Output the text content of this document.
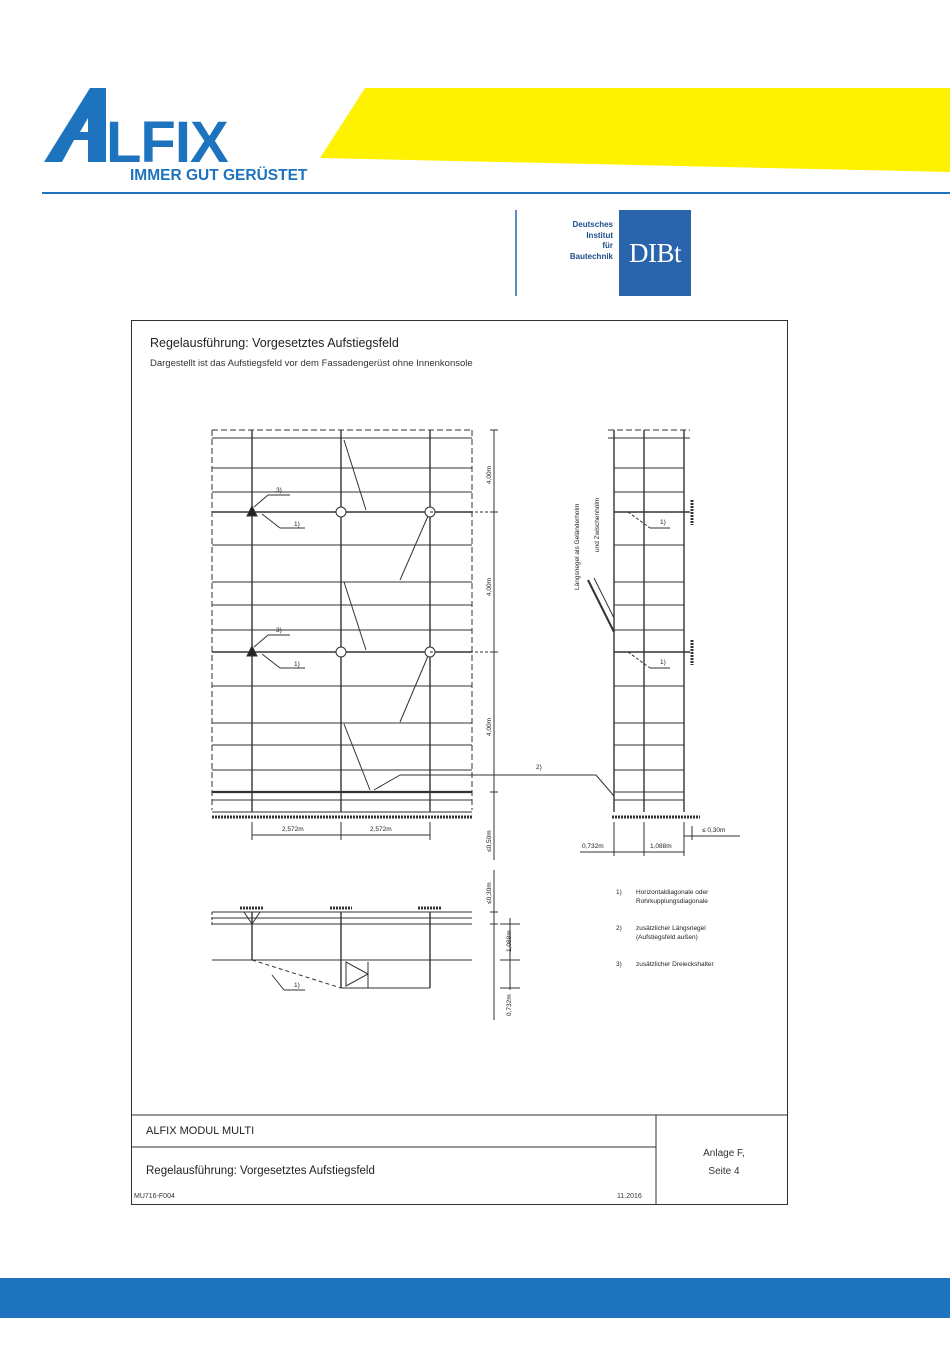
LFIX
IMMER GUT GERÜSTET
Deutsches
Institut
für
Bautechnik DIBt
Regelausführung: Vorgesetztes Aufstiegsfeld
Dargestellt ist das Aufstiegsfeld vor dem Fassadengerüst ohne Innenkonsole
3)
1)
3)
1)
2)
4,00m
4,00m
4,00m
≤0,50m
2,572m	2,572m
Längsriegel als Geländerholm und Zwischenholm	1)
1)
0,732m	1,088m
≤ 0,30m
≤0,30m
1,088m
0,732m
1)
1) Horizontaldiagonale oder
Rohrkupplungsdiagonale
2) zusätzlicher Längsriegel
(Aufstiegsfeld außen)
3) zusätzlicher Dreieckshalter
ALFIX MODUL MULTI
Regelausführung: Vorgesetztes Aufstiegsfeld
MU716-F004	11.2016
Anlage F,
Seite 4
